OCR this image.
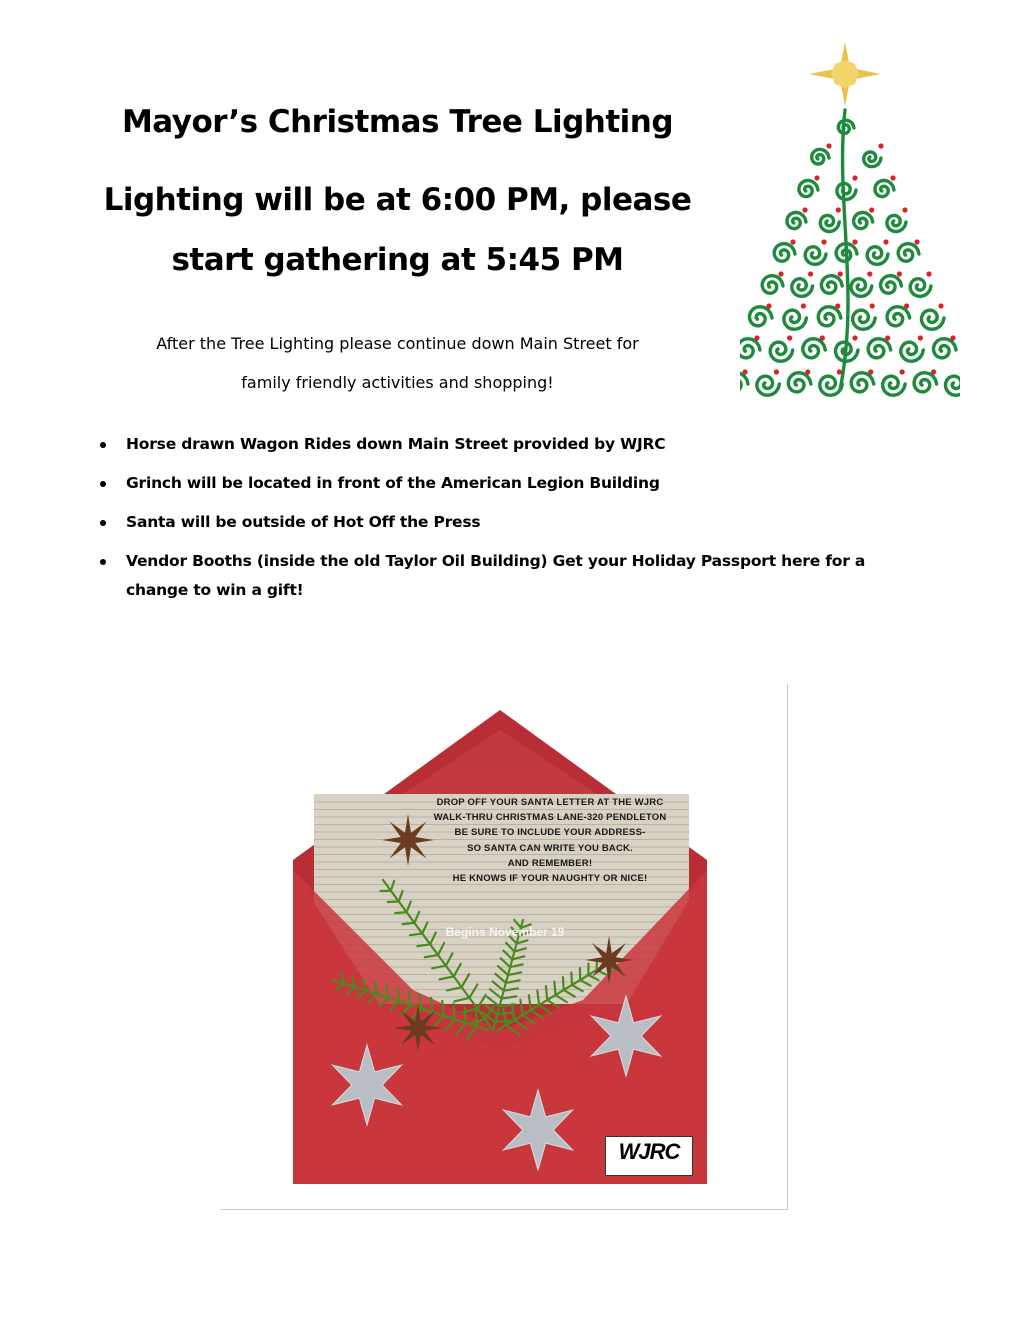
Mayor’s Christmas Tree Lighting
Lighting will be at 6:00 PM, please
start gathering at 5:45 PM
After the Tree Lighting please continue down Main Street for
family friendly activities and shopping!
Horse drawn Wagon Rides down Main Street provided by WJRC
Grinch will be located in front of the American Legion Building
Santa will be outside of Hot Off the Press
Vendor Booths (inside the old Taylor Oil Building) Get your Holiday Passport here for a change to win a gift!
DROP OFF YOUR SANTA LETTER AT THE WJRC
WALK-THRU CHRISTMAS LANE-320 PENDLETON
BE SURE TO INCLUDE YOUR ADDRESS-
SO SANTA CAN WRITE YOU BACK.
AND REMEMBER!
HE KNOWS IF YOUR NAUGHTY OR NICE!
Begins November 19
WJRC
